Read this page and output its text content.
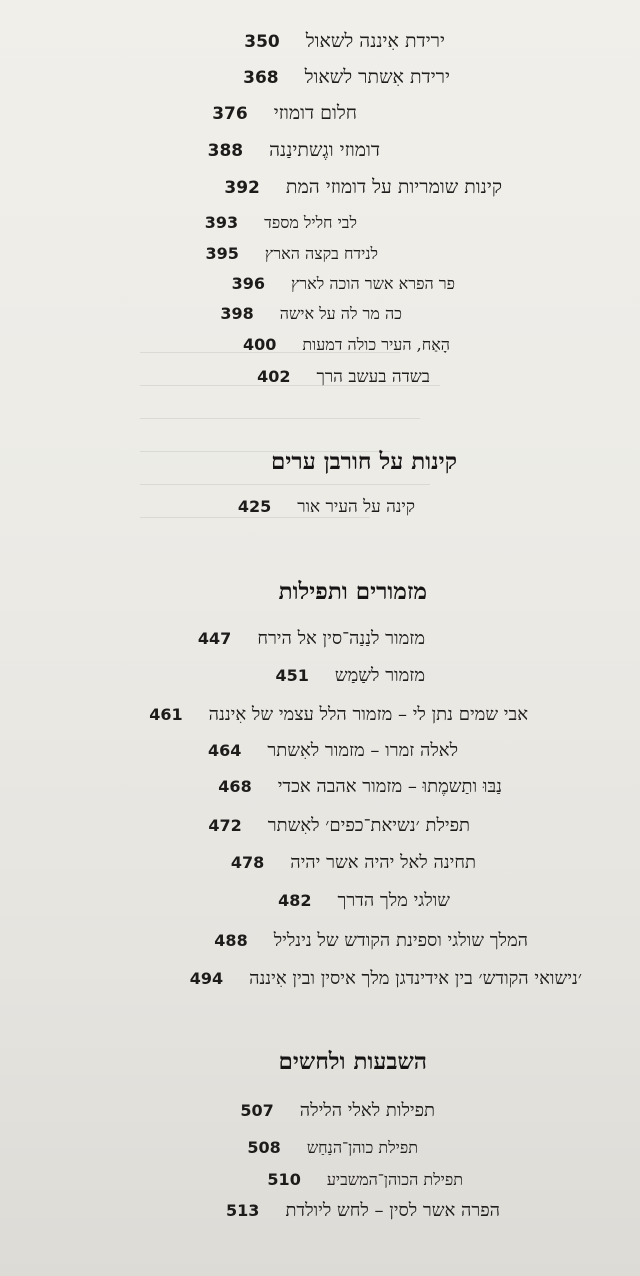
ירידת אִיננה לשאול
350
ירידת אִשתר לשאול
368
חלום דומוזי
376
דומוזי וגֶשתינַנה
388
קינות שומריות על דומוזי המת
392
לבי חליל מספד
393
לנידח בקצה הארץ
395
פר הפרא אשר הוכה לארץ
396
כה מר לה על אישה
398
הָאַח, העיר כולה דמעות
400
בשדה בעשב הרך
402
קינות על חורבן ערים
קינה על העיר אור
425
מזמורים ותפילות
מזמור לנַנַה־סין אל הירח
447
מזמור לשַמַש
451
אבי שמים נתן לי – מזמור הלל עצמי של אִיננה
461
לאלה זמרו – מזמור לאִשתר
464
נַבּוּ ותַשמֶתוּ – מזמור אהבה אכדי
468
תפילת ׳נשיאת־כפים׳ לאִשתר
472
תחינה לאל יהיה אשר יהיה
478
שולגי מלך הדרך
482
המלך שולגי וספינת הקודש של נינליל
488
׳נישואי הקודש׳ בין אידינדגן מלך איסין ובין אִיננה
494
השבעות ולחשים
תפילות לאלי הלילה
507
תפילת כוהן־הנַחַש
508
תפילת הכוהן־המשביע
510
הפרה אשר לסין – לחש ליולדת
513
